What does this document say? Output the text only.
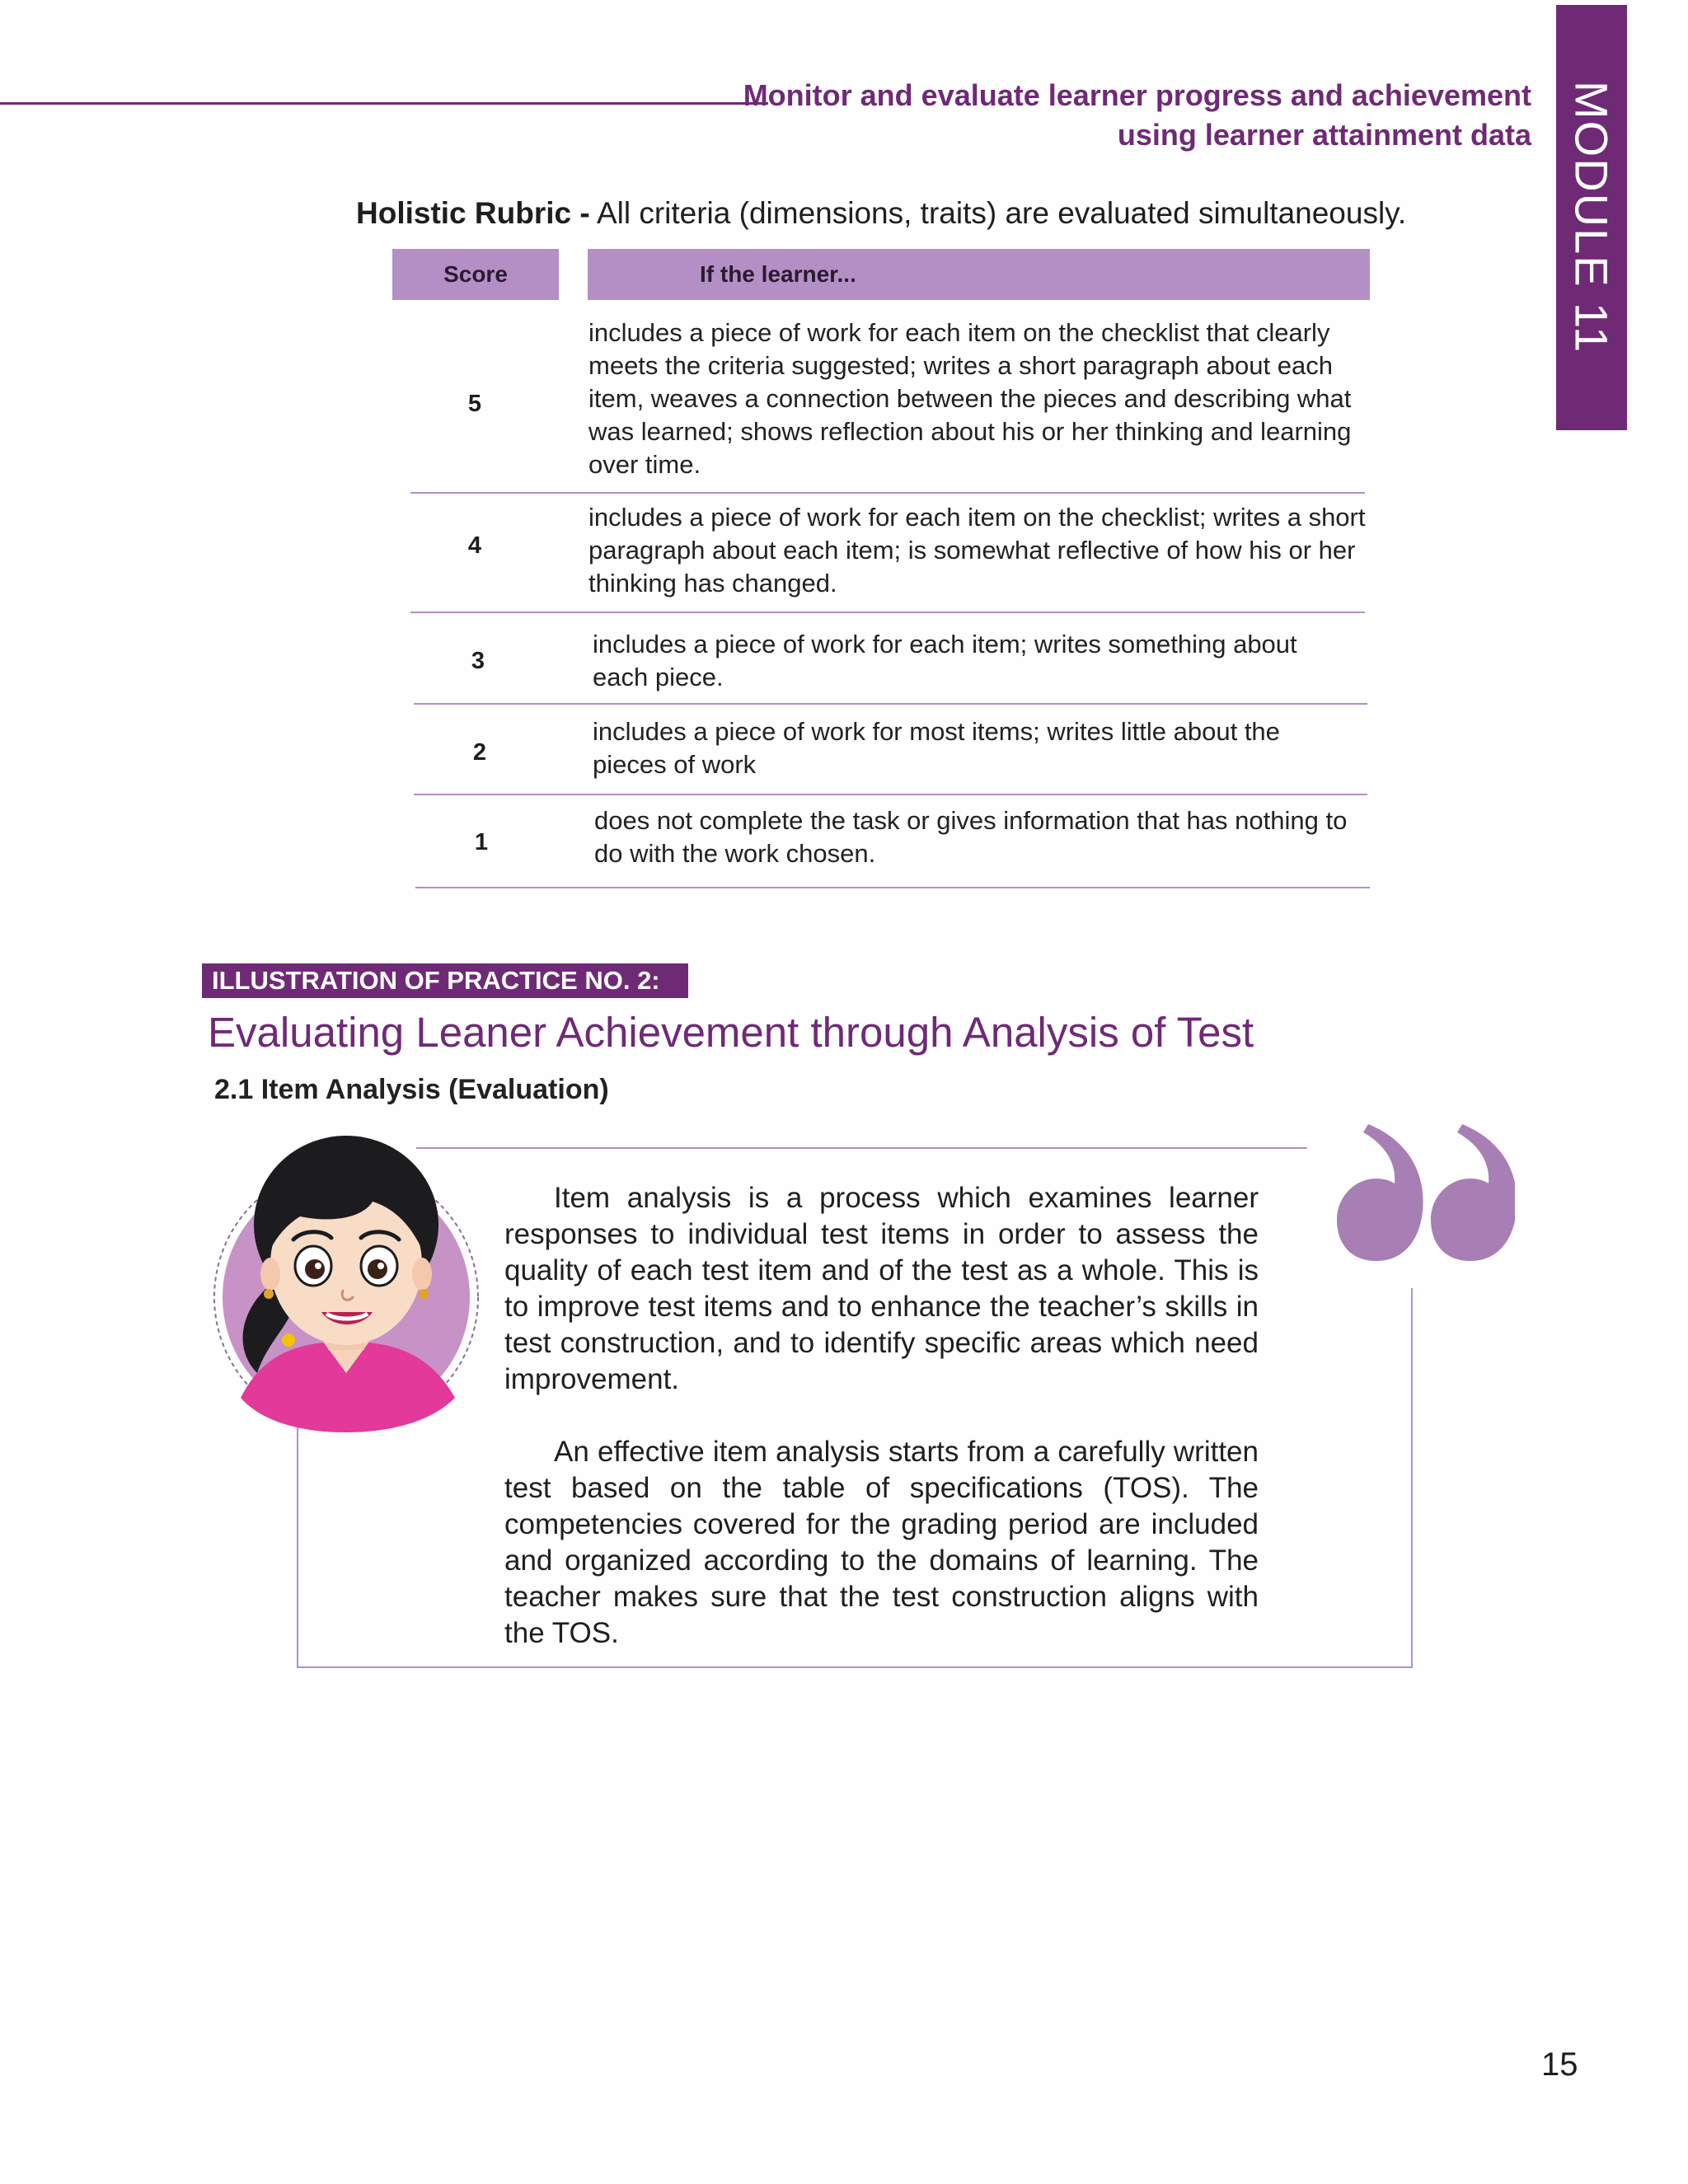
Monitor and evaluate learner progress and achievement
using learner attainment data MODULE 11
Holistic Rubric - All criteria (dimensions, traits) are evaluated simultaneously.
Score	If the learner...
5
includes a piece of work for each item on the checklist that clearly meets the criteria suggested; writes a short paragraph about each item, weaves a connection between the pieces and describing what was learned; shows reflection about his or her thinking and learning over time.
4
includes a piece of work for each item on the checklist; writes a short paragraph about each item; is somewhat reflective of how his or her thinking has changed.
3
includes a piece of work for each item; writes something about each piece.
2
includes a piece of work for most items; writes little about the pieces of work
1
does not complete the task or gives information that has nothing to do with the work chosen.
ILLUSTRATION OF PRACTICE NO. 2:
Evaluating Leaner Achievement through Analysis of Test
2.1 Item Analysis (Evaluation)

Item analysis is a process which examines learner responses to individual test items in order to assess the quality of each test item and of the test as a whole. This is to improve test items and to enhance the teacher’s skills in test construction, and to identify specific areas which need improvement.

An effective item analysis starts from a carefully written test based on the table of specifications (TOS). The competencies covered for the grading period are included and organized according to the domains of learning. The teacher makes sure that the test construction aligns with the TOS.

15
